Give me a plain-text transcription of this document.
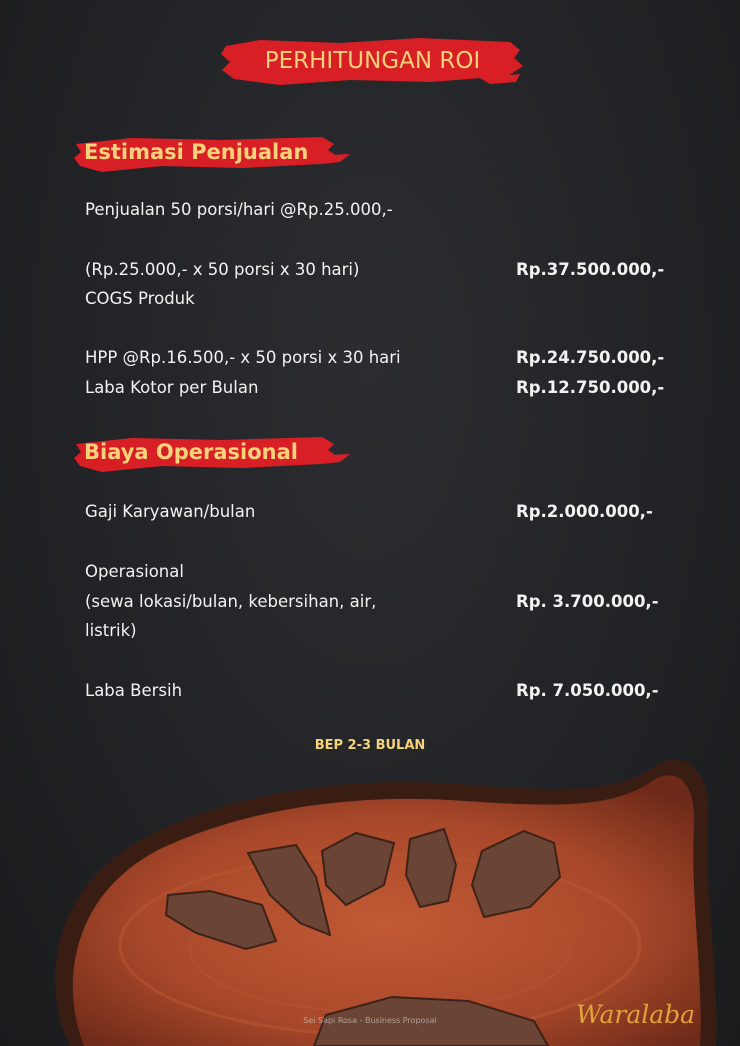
PERHITUNGAN ROI
Estimasi Penjualan
Penjualan 50 porsi/hari @Rp.25.000,-
(Rp.25.000,- x 50 porsi x 30 hari)	Rp.37.500.000,-
COGS Produk
HPP @Rp.16.500,- x 50 porsi x 30 hari	Rp.24.750.000,-
Laba Kotor per Bulan	Rp.12.750.000,-
Biaya Operasional
Gaji Karyawan/bulan	Rp.2.000.000,-
Operasional
(sewa lokasi/bulan, kebersihan, air,	Rp. 3.700.000,-
listrik)
Laba Bersih	Rp. 7.050.000,-
BEP 2-3 BULAN
Sei Sapi Rosa - Business Proposal	Waralaba
